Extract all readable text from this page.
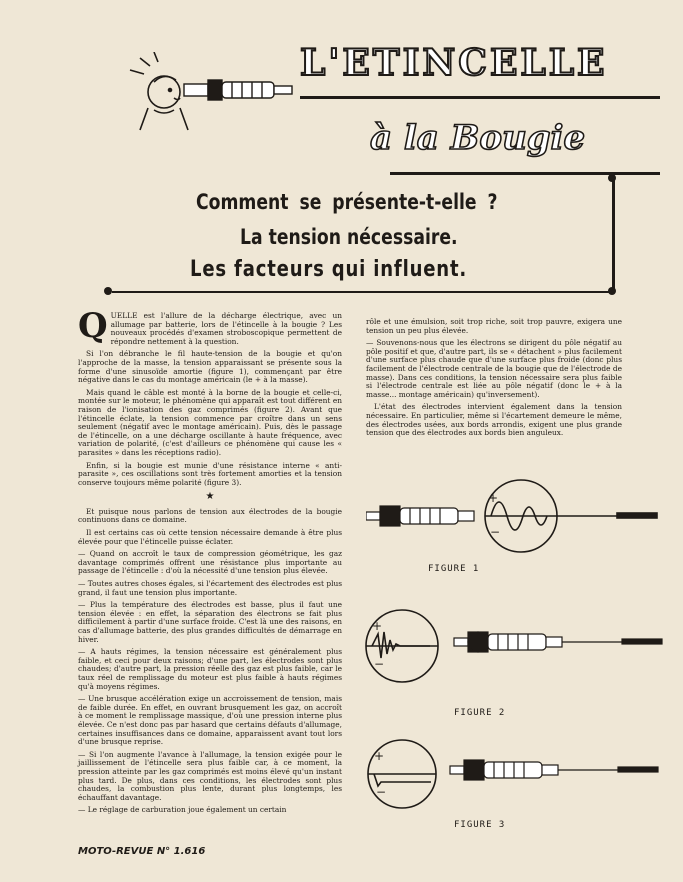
L'ETINCELLE
à la Bougie
Comment se présente-t-elle ?
La tension nécessaire.
Les facteurs qui influent.

QUELLE est l'allure de la décharge électrique, avec un allumage par batterie, lors de l'étincelle à la bougie ? Les nouveaux procédés d'examen stroboscopique permettent de répondre nettement à la question.

Si l'on débranche le fil haute-tension de la bougie et qu'on l'approche de la masse, la tension apparaissant se présente sous la forme d'une sinusoïde amortie (figure 1), commençant par être négative dans le cas du montage américain (le + à la masse).

Mais quand le câble est monté à la borne de la bougie et celle-ci, montée sur le moteur, le phénomène qui apparaît est tout différent en raison de l'ionisation des gaz comprimés (figure 2). Avant que l'étincelle éclate, la tension commence par croître dans un sens seulement (négatif avec le montage américain). Puis, dès le passage de l'étincelle, on a une décharge oscillante à haute fréquence, avec variation de polarité, (c'est d'ailleurs ce phénomène qui cause les « parasites » dans les réceptions radio).

Enfin, si la bougie est munie d'une résistance interne « anti-parasite », ces oscillations sont très fortement amorties et la tension conserve toujours même polarité (figure 3).

★

Et puisque nous parlons de tension aux électrodes de la bougie continuons dans ce domaine.

Il est certains cas où cette tension nécessaire demande à être plus élevée pour que l'étincelle puisse éclater.

— Quand on accroît le taux de compression géométrique, les gaz davantage comprimés offrent une résistance plus importante au passage de l'étincelle : d'où la nécessité d'une tension plus élevée.

— Toutes autres choses égales, si l'écartement des électrodes est plus grand, il faut une tension plus importante.

— Plus la température des électrodes est basse, plus il faut une tension élevée : en effet, la séparation des électrons se fait plus difficilement à partir d'une surface froide. C'est là une des raisons, en cas d'allumage batterie, des plus grandes difficultés de démarrage en hiver.

— A hauts régimes, la tension nécessaire est généralement plus faible, et ceci pour deux raisons; d'une part, les électrodes sont plus chaudes; d'autre part, la pression réelle des gaz est plus faible, car le taux réel de remplissage du moteur est plus faible à hauts régimes qu'à moyens régimes.

— Une brusque accélération exige un accroissement de tension, mais de faible durée. En effet, en ouvrant brusquement les gaz, on accroît à ce moment le remplissage massique, d'où une pression interne plus élevée. Ce n'est donc pas par hasard que certains défauts d'allumage, certaines insuffisances dans ce domaine, apparaissent avant tout lors d'une brusque reprise.

— Si l'on augmente l'avance à l'allumage, la tension exigée pour le jaillissement de l'étincelle sera plus faible car, à ce moment, la pression atteinte par les gaz comprimés est moins élevé qu'un instant plus tard. De plus, dans ces conditions, les électrodes sont plus chaudes, la combustion plus lente, durant plus longtemps, les échauffant davantage.

— Le réglage de carburation joue également un certain

rôle et une émulsion, soit trop riche, soit trop pauvre, exigera une tension un peu plus élevée.

— Souvenons-nous que les électrons se dirigent du pôle négatif au pôle positif et que, d'autre part, ils se « détachent » plus facilement d'une surface plus chaude que d'une surface plus froide (donc plus facilement de l'électrode centrale de la bougie que de l'électrode de masse). Dans ces conditions, la tension nécessaire sera plus faible si l'électrode centrale est liée au pôle négatif (donc le + à la masse... montage américain) qu'inversement).

L'état des électrodes intervient également dans la tension nécessaire. En particulier, même si l'écartement demeure le même, des électrodes usées, aux bords arrondis, exigent une plus grande tension que des électrodes aux bords bien anguleux.

+
−
FIGURE 1
+
−
FIGURE 2
+
−
FIGURE 3
MOTO-REVUE N° 1.616
